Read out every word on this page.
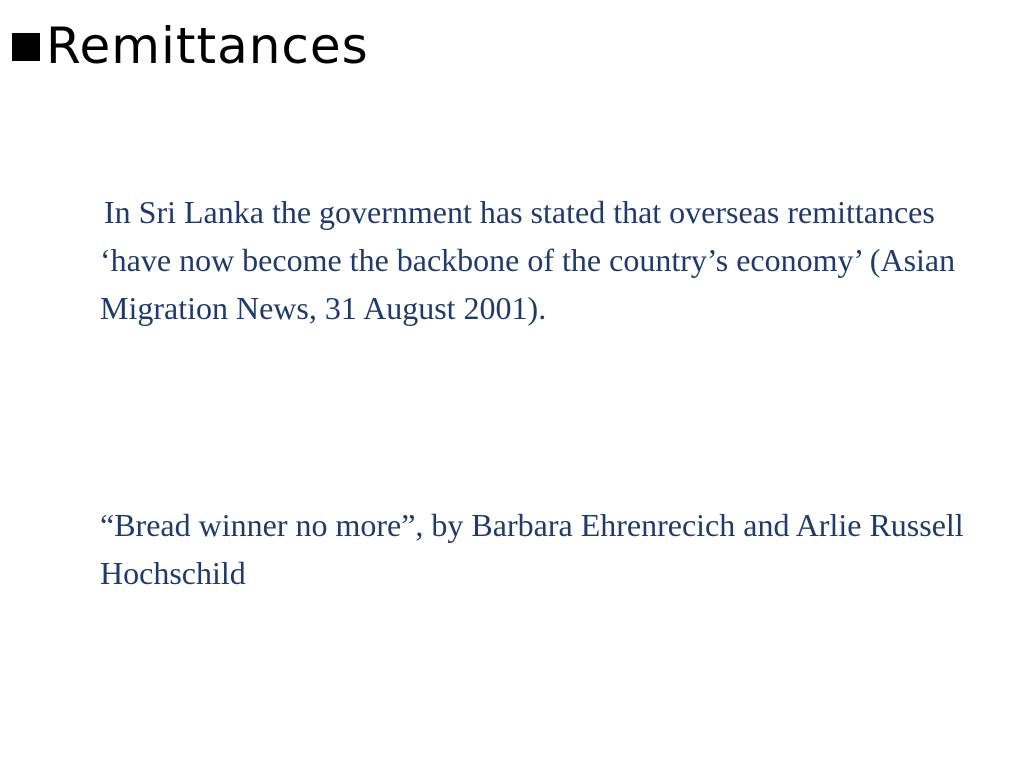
Remittances

In Sri Lanka the government has stated that overseas remittances ‘have now become the backbone of the country’s economy’ (Asian Migration News, 31 August 2001).

“Bread winner no more”, by Barbara Ehrenrecich and Arlie Russell Hochschild
